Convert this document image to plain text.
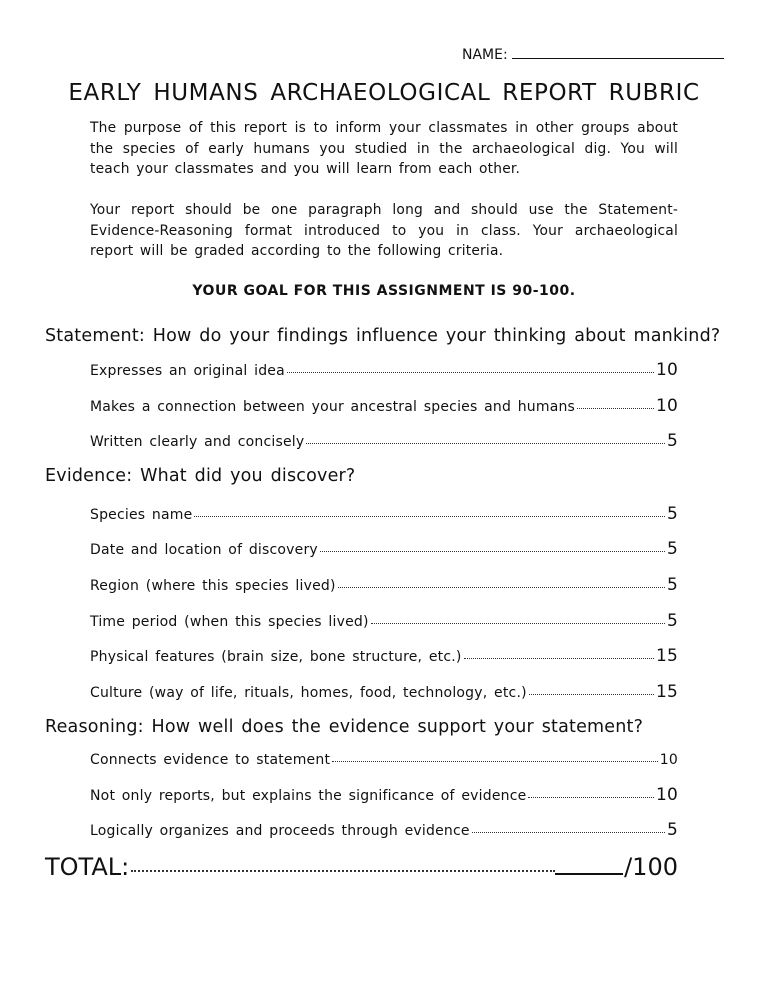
NAME:
EARLY HUMANS ARCHAEOLOGICAL REPORT RUBRIC
The purpose of this report is to inform your classmates in other groups about the species of early humans you studied in the archaeological dig. You will teach your classmates and you will learn from each other.
Your report should be one paragraph long and should use the Statement-Evidence-Reasoning format introduced to you in class. Your archaeological report will be graded according to the following criteria.
YOUR GOAL FOR THIS ASSIGNMENT IS 90-100.
Statement: How do your findings influence your thinking about mankind?
Expresses an original idea	10
Makes a connection between your ancestral species and humans	10
Written clearly and concisely	5
Evidence: What did you discover?
Species name	5
Date and location of discovery	5
Region (where this species lived)	5
Time period (when this species lived)	5
Physical features (brain size, bone structure, etc.)	15
Culture (way of life, rituals, homes, food, technology, etc.)	15
Reasoning: How well does the evidence support your statement?
Connects evidence to statement	10
Not only reports, but explains the significance of evidence	10
Logically organizes and proceeds through evidence	5
TOTAL:	/100
